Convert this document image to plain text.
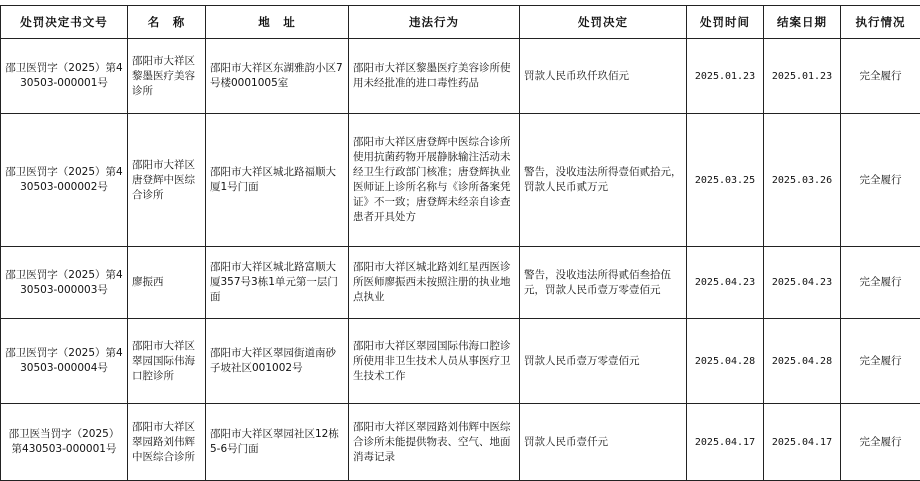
处罚决定书文号	名　称	地　址	违法行为	处罚决定	处罚时间	结案日期	执行情况
邵卫医罚字（2025）第430503-000001号	邵阳市大祥区黎墨医疗美容诊所	邵阳市大祥区东湖雅韵小区7号楼0001005室	邵阳市大祥区黎墨医疗美容诊所使用未经批准的进口毒性药品	罚款人民币玖仟玖佰元	2025.01.23	2025.01.23	完全履行
邵卫医罚字（2025）第430503-000002号	邵阳市大祥区唐登辉中医综合诊所	邵阳市大祥区城北路福顺大厦1号门面	邵阳市大祥区唐登辉中医综合诊所使用抗菌药物开展静脉输注活动未经卫生行政部门核准；唐登辉执业医师证上诊所名称与《诊所备案凭证》不一致；唐登辉未经亲自诊查患者开具处方	警告，没收违法所得壹佰贰拾元，罚款人民币贰万元	2025.03.25	2025.03.26	完全履行
邵卫医罚字（2025）第430503-000003号	廖振西	邵阳市大祥区城北路富顺大厦357号3栋1单元第一层门面	邵阳市大祥区城北路刘红星西医诊所医师廖振西未按照注册的执业地点执业	警告，没收违法所得贰佰叁拾伍元，罚款人民币壹万零壹佰元	2025.04.23	2025.04.23	完全履行
邵卫医罚字（2025）第430503-000004号	邵阳市大祥区翠园国际伟海口腔诊所	邵阳市大祥区翠园街道南砂子坡社区001002号	邵阳市大祥区翠园国际伟海口腔诊所使用非卫生技术人员从事医疗卫生技术工作	罚款人民币壹万零壹佰元	2025.04.28	2025.04.28	完全履行
邵卫医当罚字（2025）第430503-000001号	邵阳市大祥区翠园路刘伟辉中医综合诊所	邵阳市大祥区翠园社区12栋5-6号门面	邵阳市大祥区翠园路刘伟辉中医综合诊所未能提供物表、空气、地面消毒记录	罚款人民币壹仟元	2025.04.17	2025.04.17	完全履行
